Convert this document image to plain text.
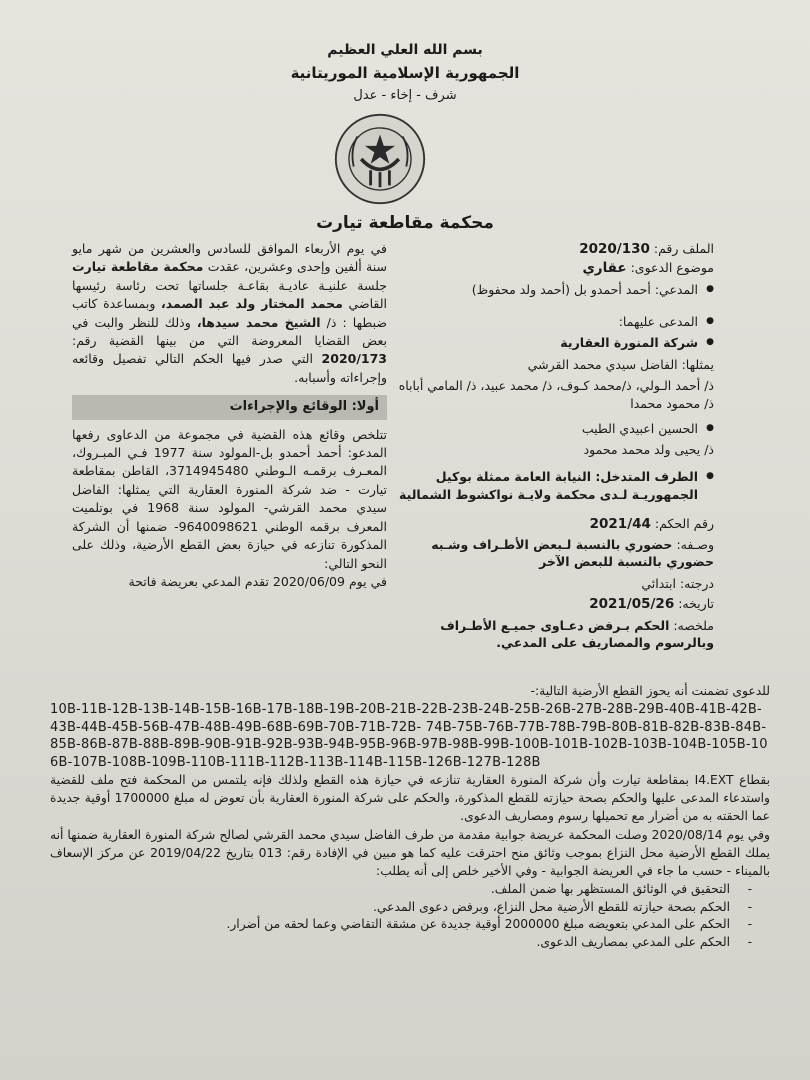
بسم الله العلي العظيم
الجمهورية الإسلامية الموريتانية
شرف - إخاء - عدل
محكمة مقاطعة تيارت
الملف رقم: 2020/130
موضوع الدعوى: عقاري
● المدعي: أحمد أحمدو بل (أحمد ولد محفوظ)
● المدعى عليهما:
● شركة المنورة العقارية
يمثلها: الفاضل سيدي محمد القرشي
ذ/ أحمد الـولي، ذ/محمد كـوف، ذ/ محمد عبيد، ذ/ المامي أباباه ذ/ محمود محمدا
● الحسين اعبيدي الطيب
ذ/ يحيى ولد محمد محمود
● الطرف المتدخل: النيابة العامة ممثلة بوكيل الجمهوريـة لـدى محكمة ولايـة نواكشوط الشمالية
رقم الحكم: 2021/44
وصـفه: حضوري بالنسبة لـبعض الأطـراف وشـبه حضوري بالنسبة للبعض الآخر
درجته: ابتدائي
تاريخه: 2021/05/26
ملخصه: الحكم بـرفض دعـاوى جميـع الأطـراف وبالرسوم والمصاريف على المدعي.
في يوم الأربعاء الموافق للسادس والعشرين من شهر مايو سنة ألفين وإحدى وعشرين، عقدت محكمة مقاطعة تيارت جلسة علنيـة عاديـة بقاعـة جلساتها تحت رئاسة رئيسها القاضي محمد المختار ولد عبد الصمد، وبمساعدة كاتب ضبطها : ذ/ الشيخ محمد سيدها، وذلك للنظر والبت في بعض القضايا المعروضة التي من بينها القضية رقم: 2020/173 التي صدر فيها الحكم التالي تفصيل وقائعه وإجراءاته وأسبابه.
أولا: الوقائع والإجراءات
تتلخص وقائع هذه القضية في مجموعة من الدعاوى رفعها المدعو: أحمد أحمدو بل-المولود سنة 1977 فـي المبـروك، المعـرف برقمـه الـوطني 3714945480، القاطن بمقاطعة تيارت - ضد شركة المنورة العقارية التي يمثلها: الفاضل سيدي محمد القرشي- المولود سنة 1968 في بوتلميت المعرف برقمه الوطني 9640098621- ضمنها أن الشركة المذكورة تنازعه في حيازة بعض القطع الأرضية، وذلك على النحو التالي:
في يوم 2020/06/09 تقدم المدعي بعريضة فاتحة
للدعوى تضمنت أنه يحوز القطع الأرضية التالية:-
10B-11B-12B-13B-14B-15B-16B-17B-18B-19B-20B-21B-22B-23B-24B-25B-26B-27B-28B-29B-40B-41B-42B-43B-44B-45B-56B-47B-48B-49B-68B-69B-70B-71B-72B- 74B-75B-76B-77B-78B-79B-80B-81B-82B-83B-84B-85B-86B-87B-88B-89B-90B-91B-92B-93B-94B-95B-96B-97B-98B-99B-100B-101B-102B-103B-104B-105B-106B-107B-108B-109B-110B-111B-112B-113B-114B-115B-126B-127B-128B
بقطاع I4.EXT بمقاطعة تيارت وأن شركة المنورة العقارية تنازعه في حيازة هذه القطع ولذلك فإنه يلتمس من المحكمة فتح ملف للقضية واستدعاء المدعى عليها والحكم بصحة حيازته للقطع المذكورة، والحكم على شركة المنورة العقارية بأن تعوض له مبلغ 1700000 أوقية جديدة عما الحقته به من أضرار مع تحميلها رسوم ومصاريف الدعوى.
وفي يوم 2020/08/14 وصلت المحكمة عريضة جوابية مقدمة من طرف الفاضل سيدي محمد القرشي لصالح شركة المنورة العقارية ضمنها أنه يملك القطع الأرضية محل النزاع بموجب وثائق منح احترقت عليه كما هو مبين في الإفادة رقم: 013 بتاريخ 2019/04/22 عن مركز الإسعاف بالميناء - حسب ما جاء في العريضة الجوابية - وفي الأخير خلص إلى أنه يطلب:
- التحقيق في الوثائق المستظهر بها ضمن الملف.
- الحكم بصحة حيازته للقطع الأرضية محل النزاع، وبرفض دعوى المدعي.
- الحكم على المدعي بتعويضه مبلغ 2000000 أوقية جديدة عن مشقة التقاضي وعما لحقه من أضرار.
- الحكم على المدعي بمصاريف الدعوى.
